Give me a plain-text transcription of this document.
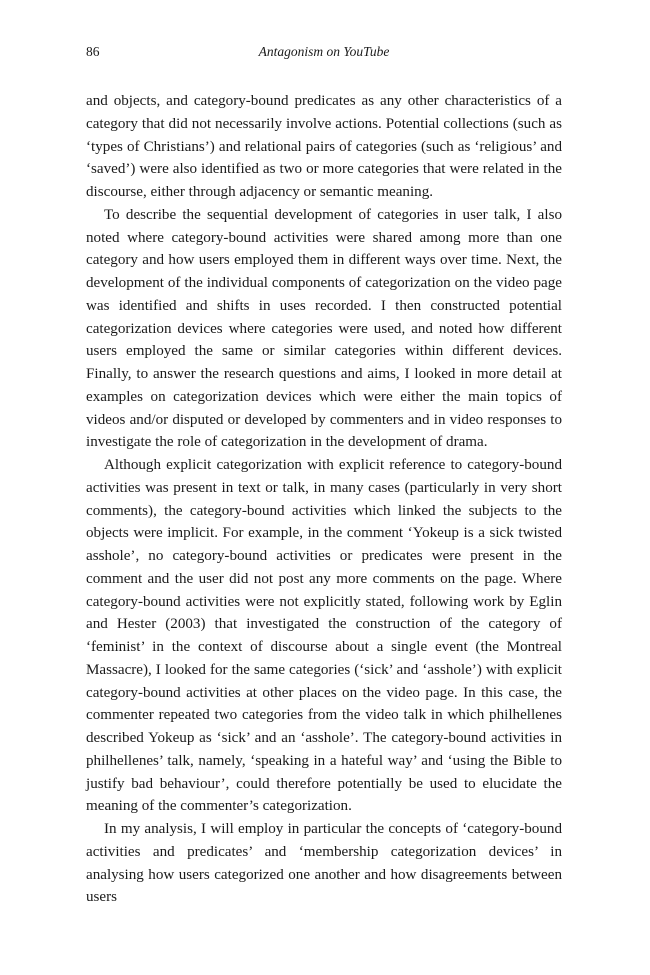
86	Antagonism on YouTube

and objects, and category-bound predicates as any other characteristics of a category that did not necessarily involve actions. Potential collections (such as ‘types of Christians’) and relational pairs of categories (such as ‘religious’ and ‘saved’) were also identified as two or more categories that were related in the discourse, either through adjacency or semantic meaning.

To describe the sequential development of categories in user talk, I also noted where category-bound activities were shared among more than one category and how users employed them in different ways over time. Next, the development of the individual components of categorization on the video page was identified and shifts in uses recorded. I then constructed potential categorization devices where categories were used, and noted how different users employed the same or similar categories within different devices. Finally, to answer the research questions and aims, I looked in more detail at examples on categorization devices which were either the main topics of videos and/or disputed or developed by commenters and in video responses to investigate the role of categorization in the development of drama.

Although explicit categorization with explicit reference to category-bound activities was present in text or talk, in many cases (particularly in very short comments), the category-bound activities which linked the subjects to the objects were implicit. For example, in the comment ‘Yokeup is a sick twisted asshole’, no category-bound activities or predicates were present in the comment and the user did not post any more comments on the page. Where category-bound activities were not explicitly stated, following work by Eglin and Hester (2003) that investigated the construction of the category of ‘feminist’ in the context of discourse about a single event (the Montreal Massacre), I looked for the same categories (‘sick’ and ‘asshole’) with explicit category-bound activities at other places on the video page. In this case, the commenter repeated two categories from the video talk in which philhellenes described Yokeup as ‘sick’ and an ‘asshole’. The category-bound activities in philhellenes’ talk, namely, ‘speaking in a hateful way’ and ‘using the Bible to justify bad behaviour’, could therefore potentially be used to elucidate the meaning of the commenter’s categorization.

In my analysis, I will employ in particular the concepts of ‘category-bound activities and predicates’ and ‘membership categorization devices’ in analysing how users categorized one another and how disagreements between users
